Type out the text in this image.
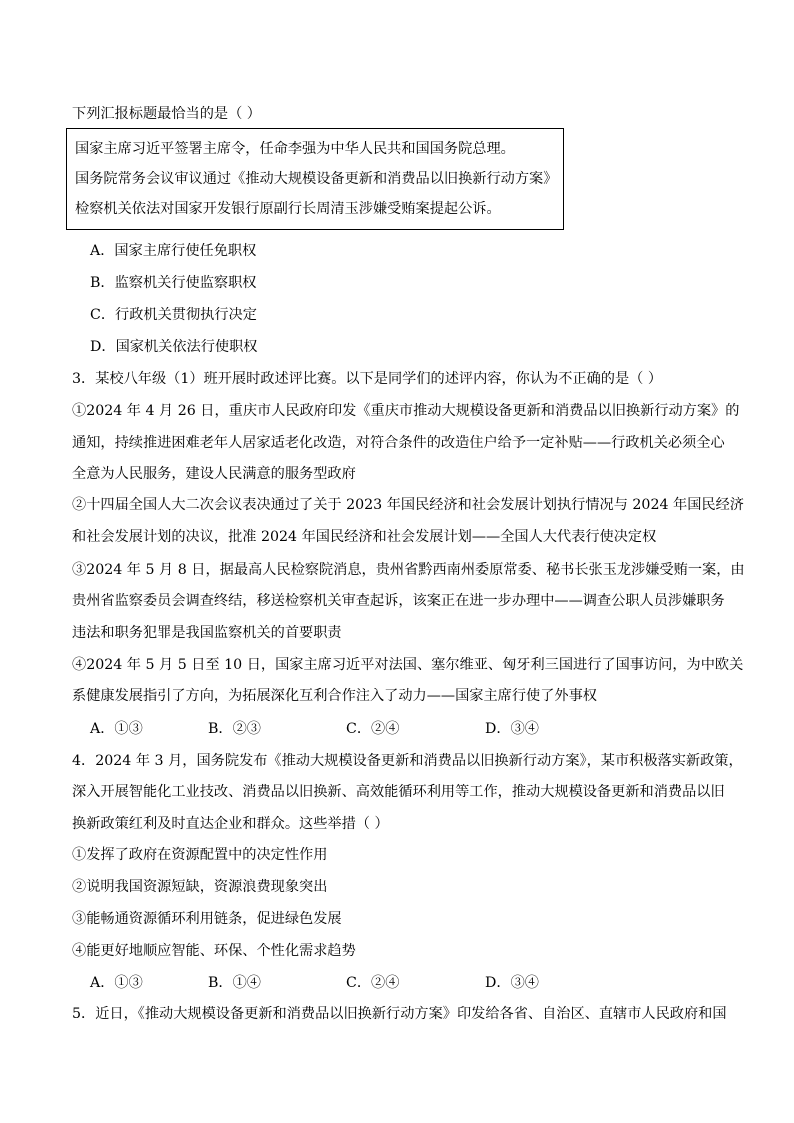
下列汇报标题最恰当的是（ ）
国家主席习近平签署主席令，任命李强为中华人民共和国国务院总理。
国务院常务会议审议通过《推动大规模设备更新和消费品以旧换新行动方案》
检察机关依法对国家开发银行原副行长周清玉涉嫌受贿案提起公诉。
A．国家主席行使任免职权
B．监察机关行使监察职权
C．行政机关贯彻执行决定
D．国家机关依法行使职权
3．某校八年级（1）班开展时政述评比赛。以下是同学们的述评内容，你认为不正确的是（ ）
①2024 年 4 月 26 日，重庆市人民政府印发《重庆市推动大规模设备更新和消费品以旧换新行动方案》的
通知，持续推进困难老年人居家适老化改造，对符合条件的改造住户给予一定补贴——行政机关必须全心
全意为人民服务，建设人民满意的服务型政府
②十四届全国人大二次会议表决通过了关于 2023 年国民经济和社会发展计划执行情况与 2024 年国民经济
和社会发展计划的决议，批准 2024 年国民经济和社会发展计划——全国人大代表行使决定权
③2024 年 5 月 8 日，据最高人民检察院消息，贵州省黔西南州委原常委、秘书长张玉龙涉嫌受贿一案，由
贵州省监察委员会调查终结，移送检察机关审查起诉，该案正在进一步办理中——调查公职人员涉嫌职务
违法和职务犯罪是我国监察机关的首要职责
④2024 年 5 月 5 日至 10 日，国家主席习近平对法国、塞尔维亚、匈牙利三国进行了国事访问，为中欧关
系健康发展指引了方向，为拓展深化互利合作注入了动力——国家主席行使了外事权
A．①③	B．②③	C．②④	D．③④
4．2024 年 3 月，国务院发布《推动大规模设备更新和消费品以旧换新行动方案》，某市积极落实新政策，
深入开展智能化工业技改、消费品以旧换新、高效能循环利用等工作，推动大规模设备更新和消费品以旧
换新政策红利及时直达企业和群众。这些举措（ ）
①发挥了政府在资源配置中的决定性作用
②说明我国资源短缺，资源浪费现象突出
③能畅通资源循环利用链条，促进绿色发展
④能更好地顺应智能、环保、个性化需求趋势
A．①③	B．①④	C．②④	D．③④
5．近日，《推动大规模设备更新和消费品以旧换新行动方案》印发给各省、自治区、直辖市人民政府和国
